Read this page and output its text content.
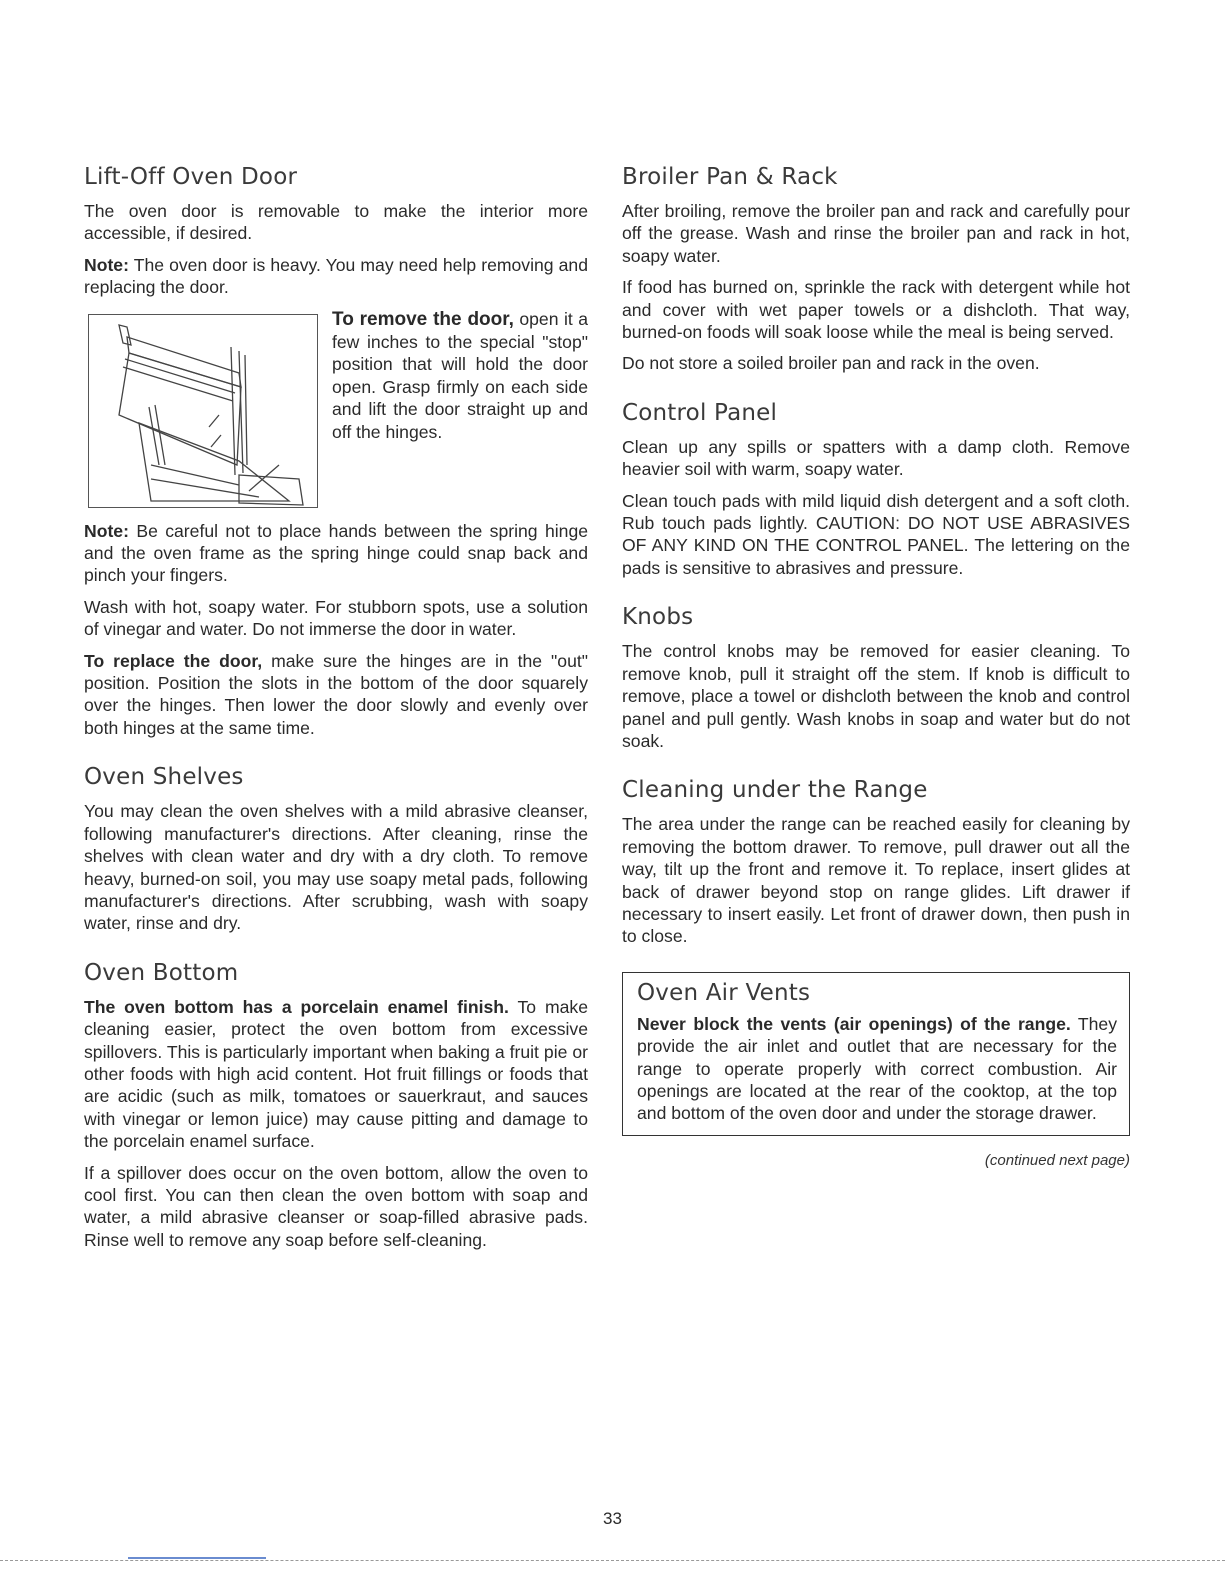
Lift-Off Oven Door

The oven door is removable to make the interior more accessible, if desired.

Note: The oven door is heavy. You may need help removing and replacing the door.

To remove the door, open it a few inches to the special "stop" position that will hold the door open. Grasp firmly on each side and lift the door straight up and off the hinges.

Note: Be careful not to place hands between the spring hinge and the oven frame as the spring hinge could snap back and pinch your fingers.

Wash with hot, soapy water. For stubborn spots, use a solution of vinegar and water. Do not immerse the door in water.

To replace the door, make sure the hinges are in the "out" position. Position the slots in the bottom of the door squarely over the hinges. Then lower the door slowly and evenly over both hinges at the same time.

Oven Shelves

You may clean the oven shelves with a mild abrasive cleanser, following manufacturer's directions. After cleaning, rinse the shelves with clean water and dry with a dry cloth. To remove heavy, burned-on soil, you may use soapy metal pads, following manufacturer's directions. After scrubbing, wash with soapy water, rinse and dry.

Oven Bottom

The oven bottom has a porcelain enamel finish. To make cleaning easier, protect the oven bottom from excessive spillovers. This is particularly important when baking a fruit pie or other foods with high acid content. Hot fruit fillings or foods that are acidic (such as milk, tomatoes or sauerkraut, and sauces with vinegar or lemon juice) may cause pitting and damage to the porcelain enamel surface.

If a spillover does occur on the oven bottom, allow the oven to cool first. You can then clean the oven bottom with soap and water, a mild abrasive cleanser or soap-filled abrasive pads. Rinse well to remove any soap before self-cleaning.

Broiler Pan & Rack

After broiling, remove the broiler pan and rack and carefully pour off the grease. Wash and rinse the broiler pan and rack in hot, soapy water.

If food has burned on, sprinkle the rack with detergent while hot and cover with wet paper towels or a dishcloth. That way, burned-on foods will soak loose while the meal is being served.

Do not store a soiled broiler pan and rack in the oven.

Control Panel

Clean up any spills or spatters with a damp cloth. Remove heavier soil with warm, soapy water.

Clean touch pads with mild liquid dish detergent and a soft cloth. Rub touch pads lightly. CAUTION: DO NOT USE ABRASIVES OF ANY KIND ON THE CONTROL PANEL. The lettering on the pads is sensitive to abrasives and pressure.

Knobs

The control knobs may be removed for easier cleaning. To remove knob, pull it straight off the stem. If knob is difficult to remove, place a towel or dishcloth between the knob and control panel and pull gently. Wash knobs in soap and water but do not soak.

Cleaning under the Range

The area under the range can be reached easily for cleaning by removing the bottom drawer. To remove, pull drawer out all the way, tilt up the front and remove it. To replace, insert glides at back of drawer beyond stop on range glides. Lift drawer if necessary to insert easily. Let front of drawer down, then push in to close.

Oven Air Vents

Never block the vents (air openings) of the range. They provide the air inlet and outlet that are necessary for the range to operate properly with correct combustion. Air openings are located at the rear of the cooktop, at the top and bottom of the oven door and under the storage drawer.

(continued next page)
33
